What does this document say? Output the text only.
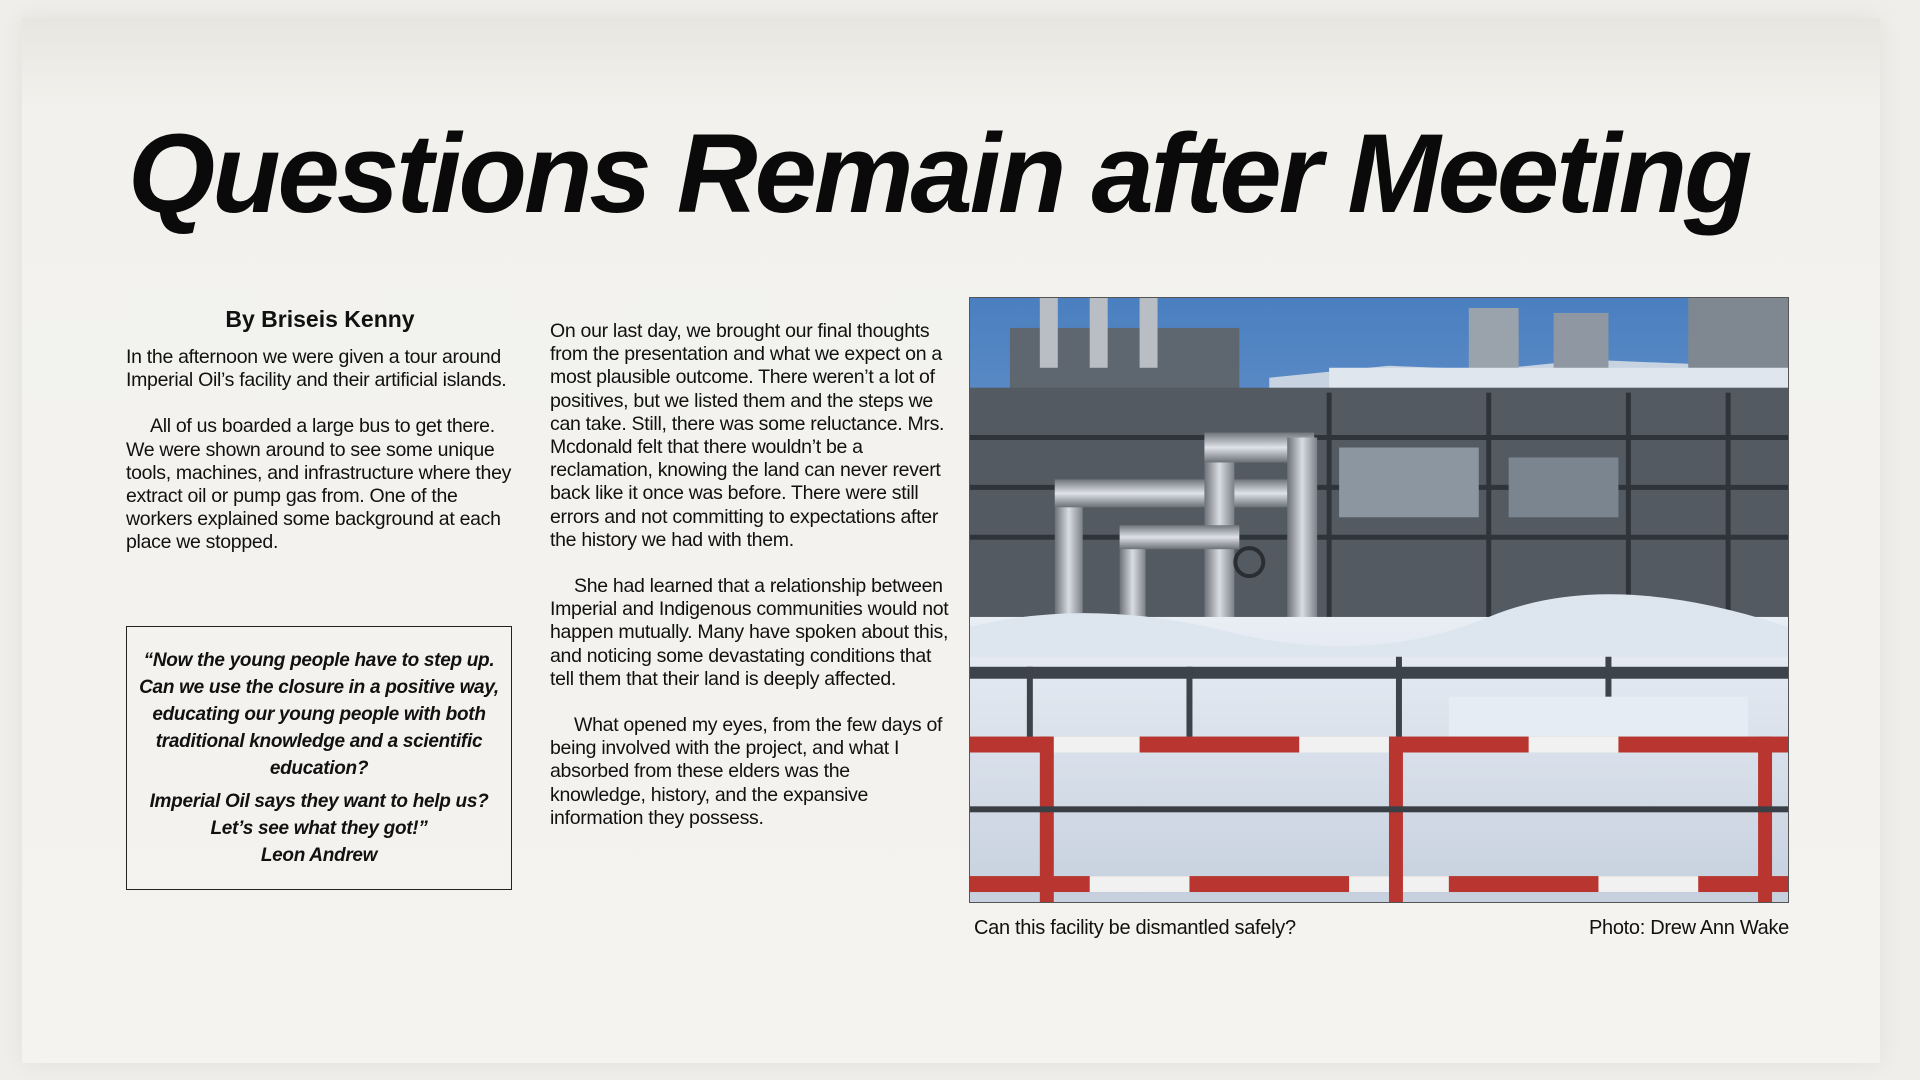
Questions Remain after Meeting
By Briseis Kenny

In the afternoon we were given a tour around Imperial Oil’s facility and their artificial islands.

All of us boarded a large bus to get there. We were shown around to see some unique tools, machines, and infrastructure where they extract oil or pump gas from. One of the workers explained some background at each place we stopped.

“Now the young people have to step up. Can we use the closure in a positive way, educating our young people with both traditional knowledge and a scientific education?

Imperial Oil says they want to help us? Let’s see what they got!”

Leon Andrew

On our last day, we brought our final thoughts from the presentation and what we expect on a most plausible outcome. There weren’t a lot of positives, but we listed them and the steps we can take. Still, there was some reluctance. Mrs. Mcdonald felt that there wouldn’t be a reclamation, knowing the land can never revert back like it once was before. There were still errors and not committing to expectations after the history we had with them.

She had learned that a relationship between Imperial and Indigenous communities would not happen mutually. Many have spoken about this, and noticing some devastating conditions that tell them that their land is deeply affected.

What opened my eyes, from the few days of being involved with the project, and what I absorbed from these elders was the knowledge, history, and the expansive information they possess.

Can this facility be dismantled safely?	Photo: Drew Ann Wake
